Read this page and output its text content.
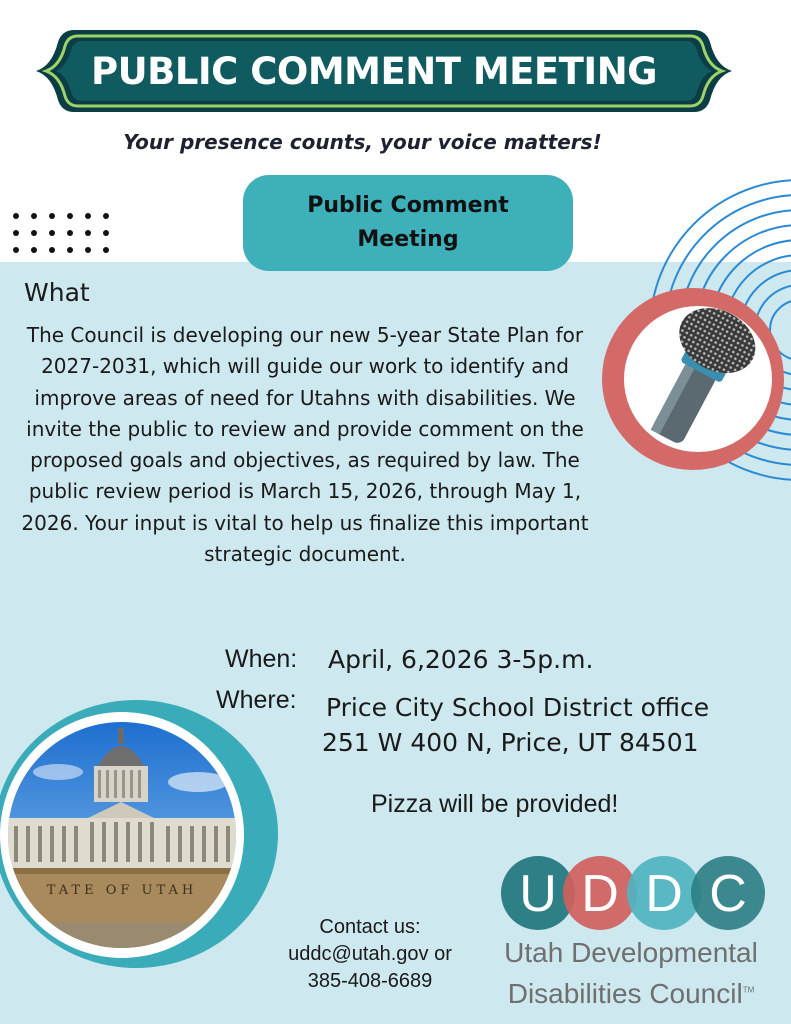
PUBLIC COMMENT MEETING
Your presence counts, your voice matters!
Public Comment Meeting
What
The Council is developing our new 5-year State Plan for 2027-2031, which will guide our work to identify and improve areas of need for Utahns with disabilities. We invite the public to review and provide comment on the proposed goals and objectives, as required by law. The public review period is March 15, 2026, through May 1, 2026. Your input is vital to help us finalize this important strategic document.
When: April, 6,2026 3-5p.m.
Where: Price City School District office
251 W 400 N, Price, UT 84501
Pizza will be provided!
TATE OF UTAH
Contact us:
uddc@utah.gov or
385-408-6689
U D D C
Utah Developmental
Disabilities Council™
